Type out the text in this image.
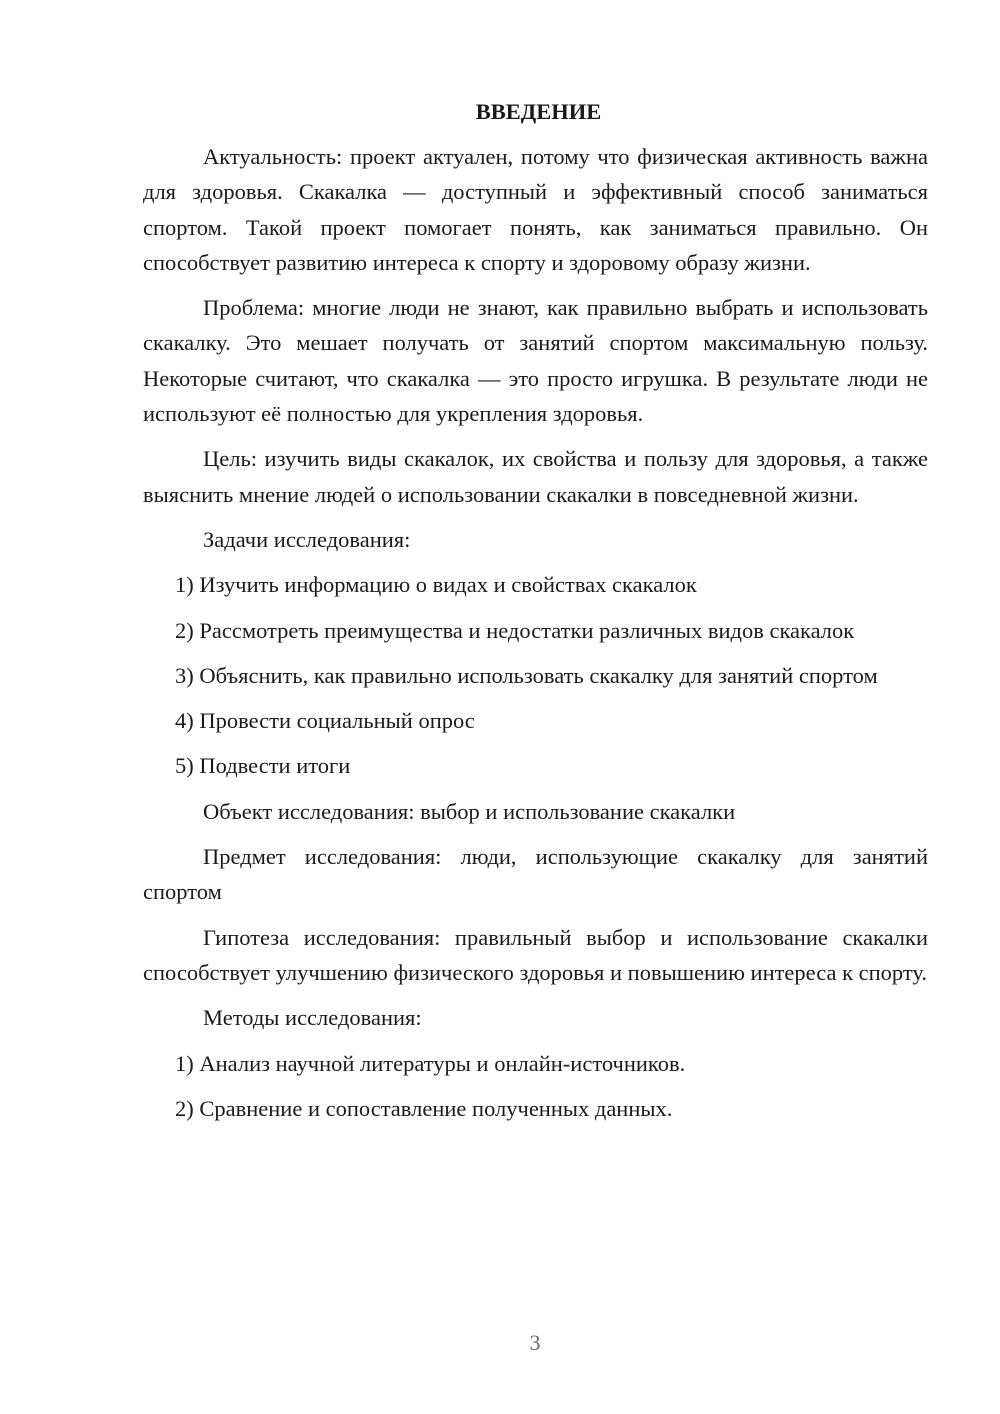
ВВЕДЕНИЕ

Актуальность: проект актуален, потому что физическая активность важна для здоровья. Скакалка — доступный и эффективный способ заниматься спортом. Такой проект помогает понять, как заниматься правильно. Он способствует развитию интереса к спорту и здоровому образу жизни.

Проблема: многие люди не знают, как правильно выбрать и использовать скакалку. Это мешает получать от занятий спортом максимальную пользу. Некоторые считают, что скакалка — это просто игрушка. В результате люди не используют её полностью для укрепления здоровья.

Цель: изучить виды скакалок, их свойства и пользу для здоровья, а также выяснить мнение людей о использовании скакалки в повседневной жизни.

Задачи исследования:

1) Изучить информацию о видах и свойствах скакалок

2) Рассмотреть преимущества и недостатки различных видов скакалок

3) Объяснить, как правильно использовать скакалку для занятий спортом

4) Провести социальный опрос

5) Подвести итоги

Объект исследования: выбор и использование скакалки

Предмет исследования: люди, использующие скакалку для занятий спортом

Гипотеза исследования: правильный выбор и использование скакалки способствует улучшению физического здоровья и повышению интереса к спорту.

Методы исследования:

1) Анализ научной литературы и онлайн-источников.

2) Сравнение и сопоставление полученных данных.

3
